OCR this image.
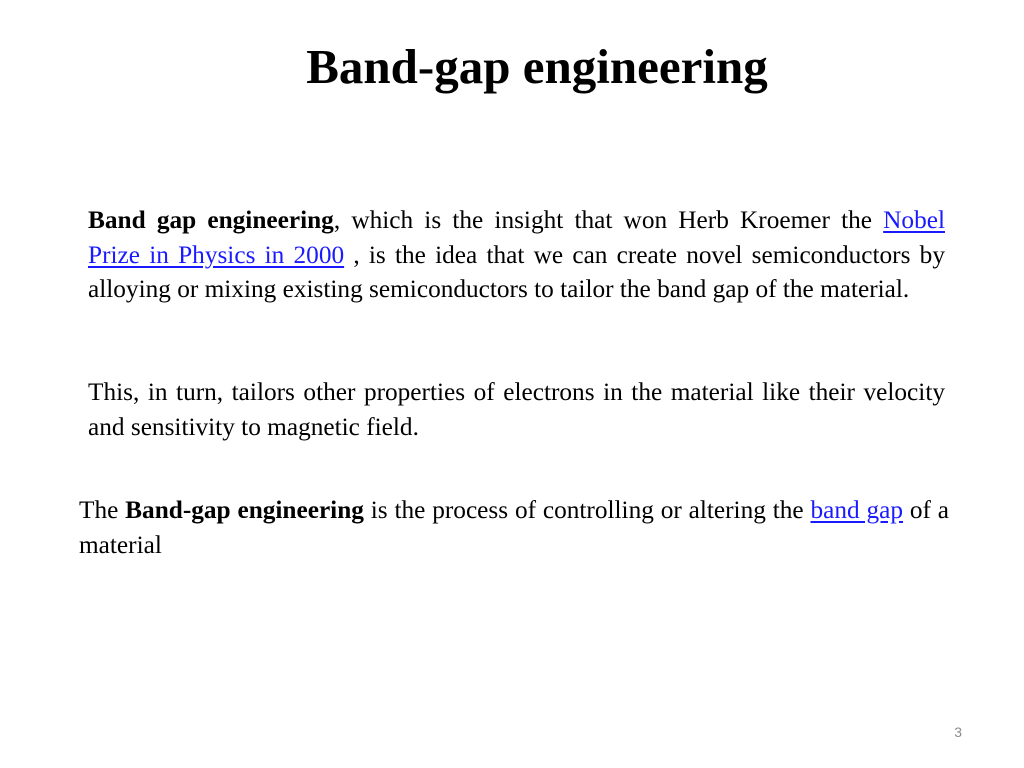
Band-gap engineering

Band gap engineering, which is the insight that won Herb Kroemer the Nobel Prize in Physics in 2000 , is the idea that we can create novel semiconductors by alloying or mixing existing semiconductors to tailor the band gap of the material.

This, in turn, tailors other properties of electrons in the material like their velocity and sensitivity to magnetic field.

The Band-gap engineering is the process of controlling or altering the band gap of a material

3
